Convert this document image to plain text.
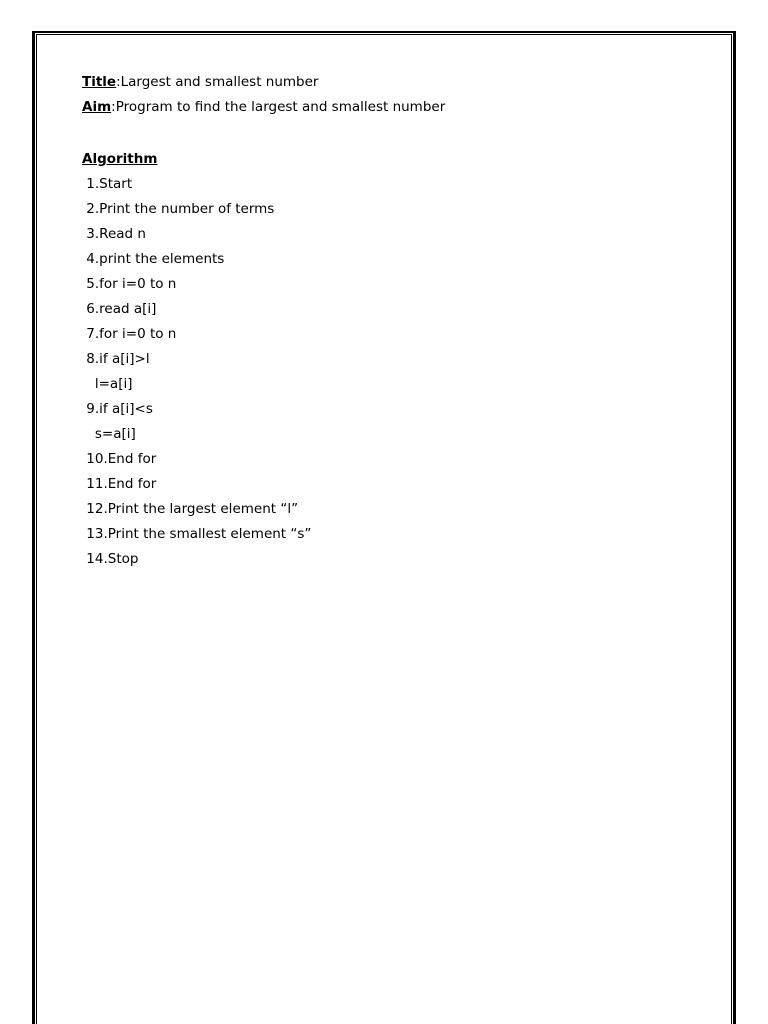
Title:Largest and smallest number
Aim:Program to find the largest and smallest number
Algorithm
1.Start
2.Print the number of terms
3.Read n
4.print the elements
5.for i=0 to n
6.read a[i]
7.for i=0 to n
8.if a[i]>l
l=a[i]
9.if a[i]<s
s=a[i]
10.End for
11.End for
12.Print the largest element “l”
13.Print the smallest element “s”
14.Stop
